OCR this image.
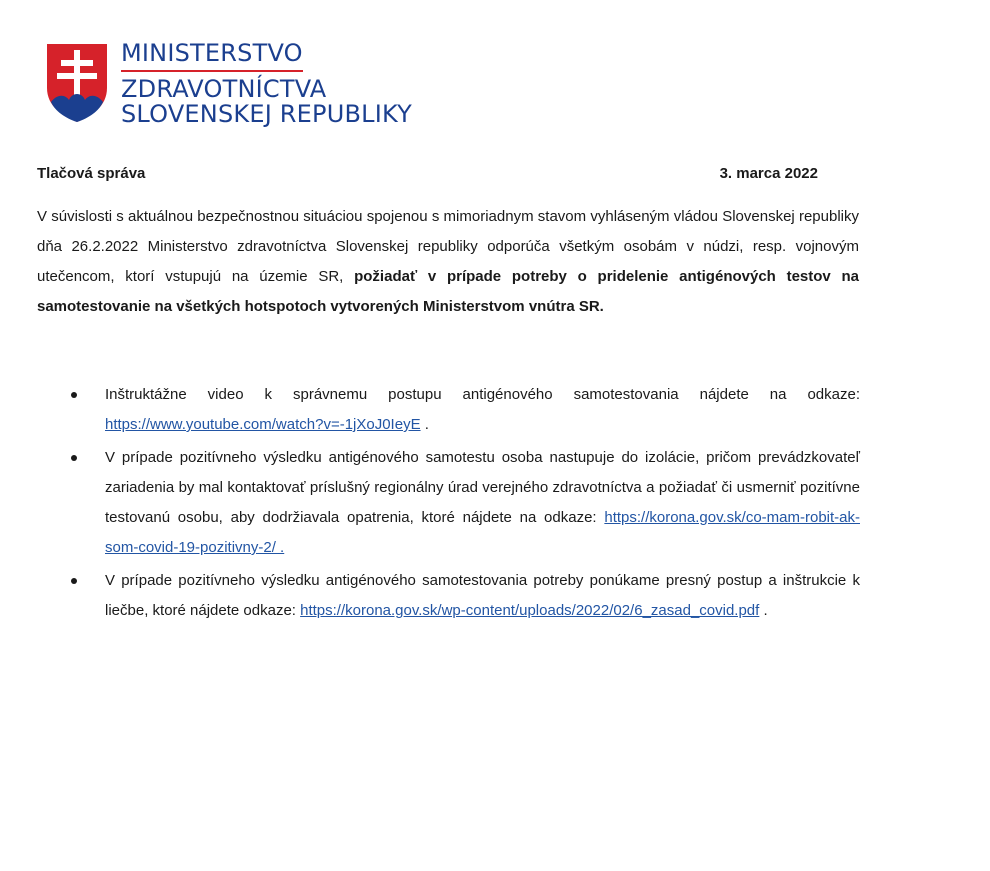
MINISTERSTVO
ZDRAVOTNÍCTVA
SLOVENSKEJ REPUBLIKY
Tlačová správa	3. marca 2022
V súvislosti s aktuálnou bezpečnostnou situáciou spojenou s mimoriadnym stavom vyhláseným vládou Slovenskej republiky dňa 26.2.2022 Ministerstvo zdravotníctva Slovenskej republiky odporúča všetkým osobám v núdzi, resp. vojnovým utečencom, ktorí vstupujú na územie SR, požiadať v prípade potreby o pridelenie antigénových testov na samotestovanie na všetkých hotspotoch vytvorených Ministerstvom vnútra SR.
Inštruktážne video k správnemu postupu antigénového samotestovania nájdete na odkaze: https://www.youtube.com/watch?v=-1jXoJ0IeyE .
V prípade pozitívneho výsledku antigénového samotestu osoba nastupuje do izolácie, pričom prevádzkovateľ zariadenia by mal kontaktovať príslušný regionálny úrad verejného zdravotníctva a požiadať či usmerniť pozitívne testovanú osobu, aby dodržiavala opatrenia, ktoré nájdete na odkaze: https://korona.gov.sk/co-mam-robit-ak-som-covid-19-pozitivny-2/ .
V prípade pozitívneho výsledku antigénového samotestovania potreby ponúkame presný postup a inštrukcie k liečbe, ktoré nájdete odkaze: https://korona.gov.sk/wp-content/uploads/2022/02/6_zasad_covid.pdf .
